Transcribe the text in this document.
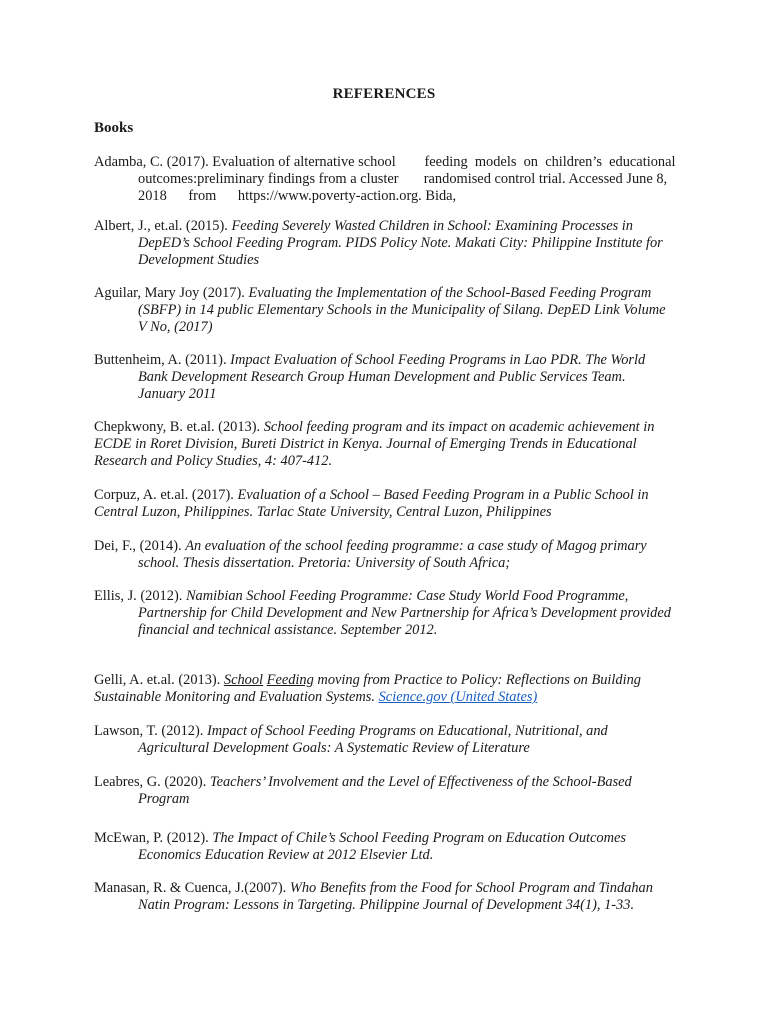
REFERENCES
Books
Adamba, C. (2017). Evaluation of alternative school        feeding  models  on  children’s  educational
outcomes:preliminary findings from a cluster       randomised control trial. Accessed June 8,
2018      from      https://www.poverty-action.org. Bida,
Albert, J., et.al. (2015). Feeding Severely Wasted Children in School: Examining Processes in DepED’s School Feeding Program. PIDS Policy Note. Makati City: Philippine Institute for Development Studies
Aguilar, Mary Joy (2017). Evaluating the Implementation of the School-Based Feeding Program (SBFP) in 14 public Elementary Schools in the Municipality of Silang. DepED Link Volume V No, (2017)
Buttenheim, A. (2011). Impact Evaluation of School Feeding Programs in Lao PDR. The World Bank Development Research Group Human Development and Public Services Team. January 2011
Chepkwony, B. et.al. (2013). School feeding program and its impact on academic achievement in ECDE in Roret Division, Bureti District in Kenya. Journal of Emerging Trends in Educational Research and Policy Studies, 4: 407-412.
Corpuz, A. et.al. (2017). Evaluation of a School – Based Feeding Program in a Public School in Central Luzon, Philippines. Tarlac State University, Central Luzon, Philippines
Dei, F., (2014). An evaluation of the school feeding programme: a case study of Magog primary school. Thesis dissertation. Pretoria: University of South Africa;
Ellis, J. (2012). Namibian School Feeding Programme: Case Study World Food Programme, Partnership for Child Development and New Partnership for Africa’s Development provided financial and technical assistance. September 2012.
Gelli, A. et.al. (2013). School Feeding moving from Practice to Policy: Reflections on Building Sustainable Monitoring and Evaluation Systems. Science.gov (United States)
Lawson, T. (2012). Impact of School Feeding Programs on Educational, Nutritional, and Agricultural Development Goals: A Systematic Review of Literature
Leabres, G. (2020). Teachers’ Involvement and the Level of Effectiveness of the School-Based Program
McEwan, P. (2012). The Impact of Chile’s School Feeding Program on Education Outcomes Economics Education Review at 2012 Elsevier Ltd.
Manasan, R. & Cuenca, J.(2007). Who Benefits from the Food for School Program and Tindahan Natin Program: Lessons in Targeting. Philippine Journal of Development 34(1), 1-33.
